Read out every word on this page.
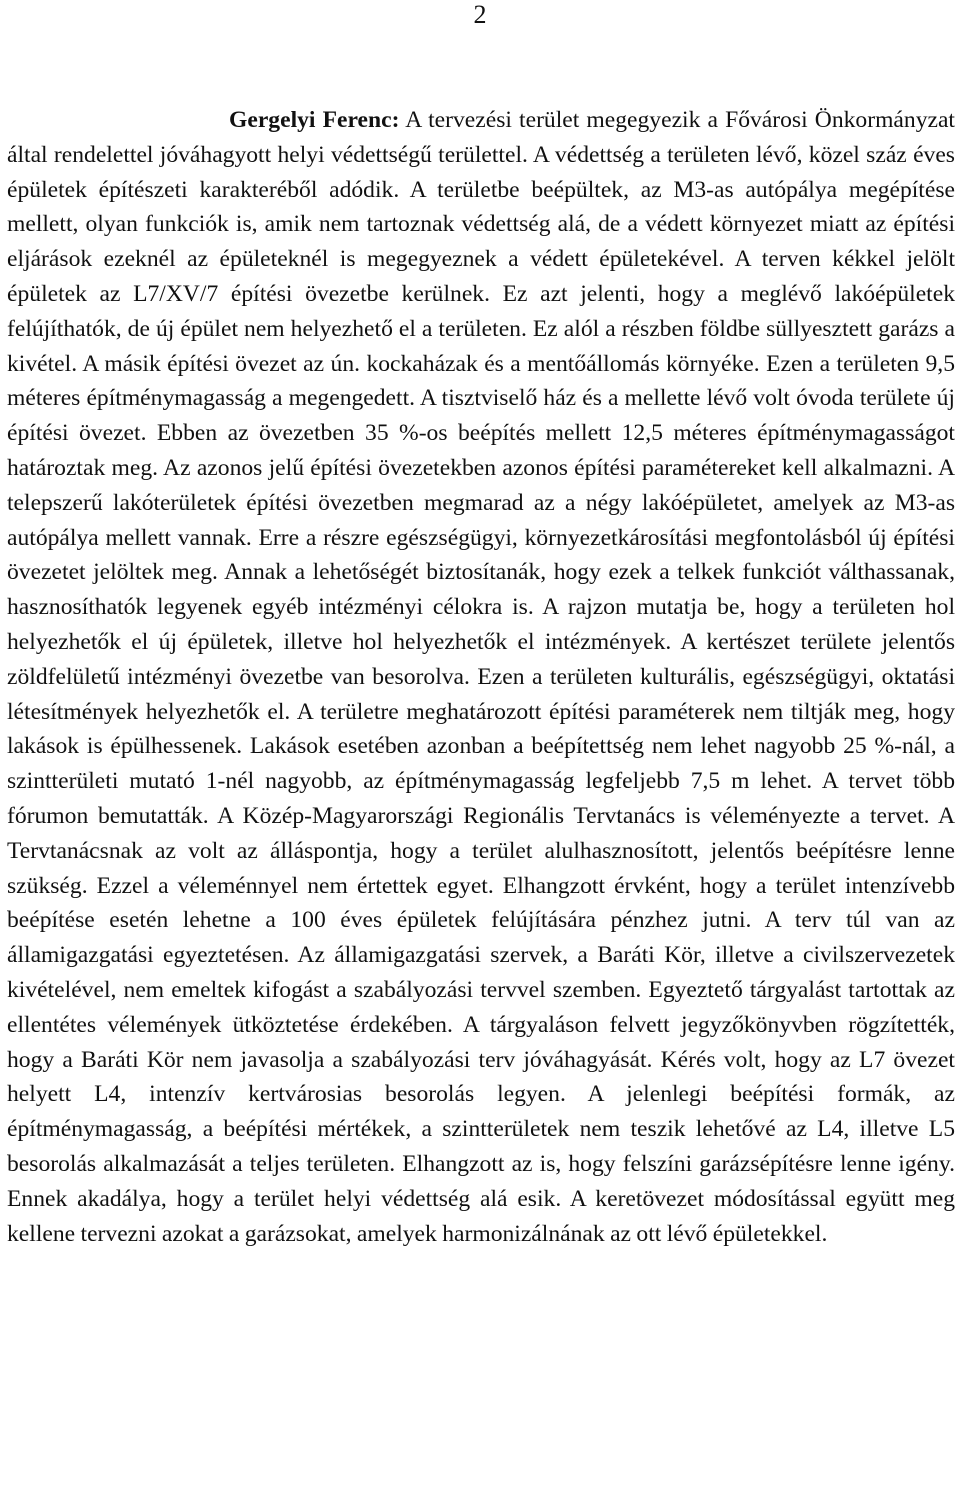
2

Gergelyi Ferenc: A tervezési terület megegyezik a Fővárosi Önkormányzat által rendelettel jóváhagyott helyi védettségű területtel. A védettség a területen lévő, közel száz éves épületek építészeti karakteréből adódik. A területbe beépültek, az M3-as autópálya megépítése mellett, olyan funkciók is, amik nem tartoznak védettség alá, de a védett környezet miatt az építési eljárások ezeknél az épületeknél is megegyeznek a védett épületekével. A terven kékkel jelölt épületek az L7/XV/7 építési övezetbe kerülnek. Ez azt jelenti, hogy a meglévő lakóépületek felújíthatók, de új épület nem helyezhető el a területen. Ez alól a részben földbe süllyesztett garázs a kivétel. A másik építési övezet az ún. kockaházak és a mentőállomás környéke. Ezen a területen 9,5 méteres építménymagasság a megengedett. A tisztviselő ház és a mellette lévő volt óvoda területe új építési övezet. Ebben az övezetben 35 %-os beépítés mellett 12,5 méteres építménymagasságot határoztak meg. Az azonos jelű építési övezetekben azonos építési paramétereket kell alkalmazni. A telepszerű lakóterületek építési övezetben megmarad az a négy lakóépületet, amelyek az M3-as autópálya mellett vannak. Erre a részre egészségügyi, környezetkárosítási megfontolásból új építési övezetet jelöltek meg. Annak a lehetőségét biztosítanák, hogy ezek a telkek funkciót válthassanak, hasznosíthatók legyenek egyéb intézményi célokra is. A rajzon mutatja be, hogy a területen hol helyezhetők el új épületek, illetve hol helyezhetők el intézmények. A kertészet területe jelentős zöldfelületű intézményi övezetbe van besorolva. Ezen a területen kulturális, egészségügyi, oktatási létesítmények helyezhetők el. A területre meghatározott építési paraméterek nem tiltják meg, hogy lakások is épülhessenek. Lakások esetében azonban a beépítettség nem lehet nagyobb 25 %-nál, a szintterületi mutató 1-nél nagyobb, az építménymagasság legfeljebb 7,5 m lehet. A tervet több fórumon bemutatták. A Közép-Magyarországi Regionális Tervtanács is véleményezte a tervet. A Tervtanácsnak az volt az álláspontja, hogy a terület alulhasznosított, jelentős beépítésre lenne szükség. Ezzel a véleménnyel nem értettek egyet. Elhangzott érvként, hogy a terület intenzívebb beépítése esetén lehetne a 100 éves épületek felújítására pénzhez jutni. A terv túl van az államigazgatási egyeztetésen. Az államigazgatási szervek, a Baráti Kör, illetve a civilszervezetek kivételével, nem emeltek kifogást a szabályozási tervvel szemben. Egyeztető tárgyalást tartottak az ellentétes vélemények ütköztetése érdekében. A tárgyaláson felvett jegyzőkönyvben rögzítették, hogy a Baráti Kör nem javasolja a szabályozási terv jóváhagyását. Kérés volt, hogy az L7 övezet helyett L4, intenzív kertvárosias besorolás legyen. A jelenlegi beépítési formák, az építménymagasság, a beépítési mértékek, a szintterületek nem teszik lehetővé az L4, illetve L5 besorolás alkalmazását a teljes területen. Elhangzott az is, hogy felszíni garázsépítésre lenne igény. Ennek akadálya, hogy a terület helyi védettség alá esik. A keretövezet módosítással együtt meg kellene tervezni azokat a garázsokat, amelyek harmonizálnának az ott lévő épületekkel.
